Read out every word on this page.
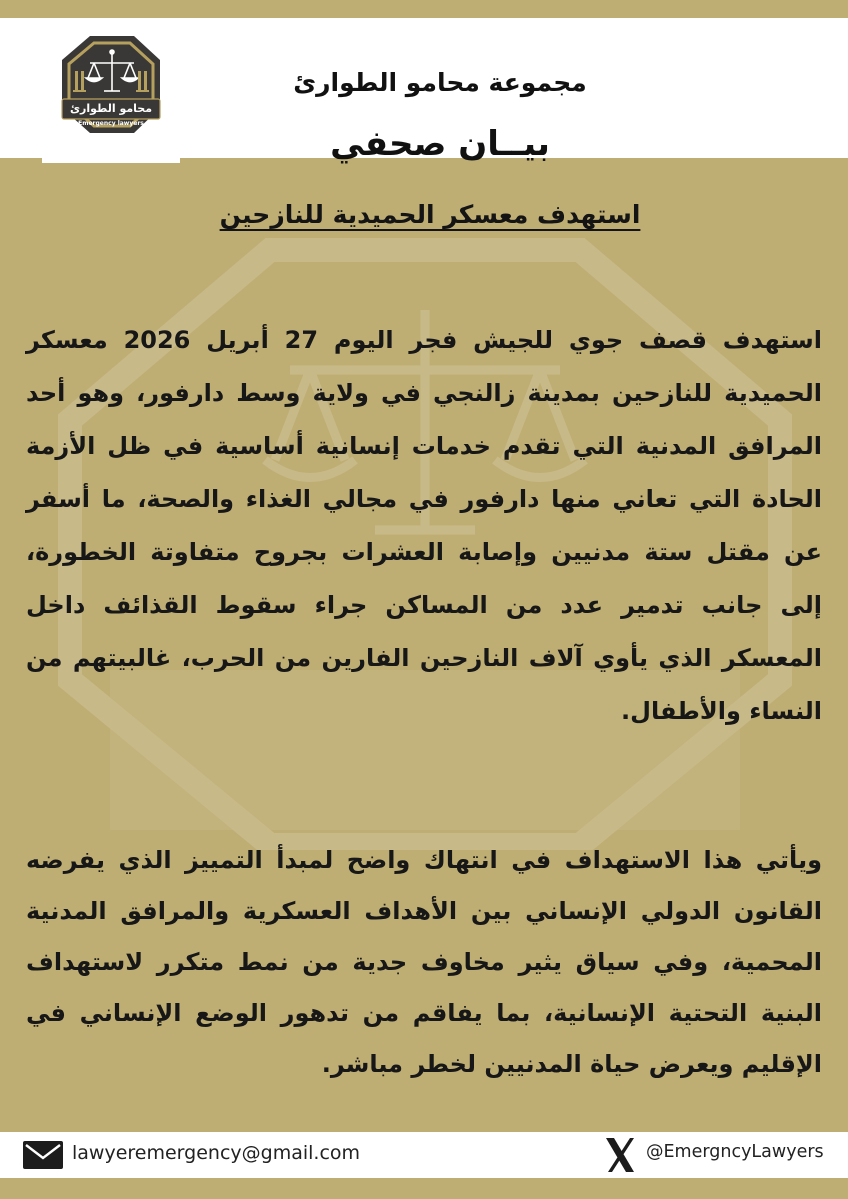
محامو الطوارئ
Emergency lawyers
مجموعة محامو الطوارئ
بيــان صحفي
استهدف معسكر الحميدية للنازحين

استهدف قصف جوي للجيش فجر اليوم 27 أبريل 2026 معسكر الحميدية للنازحين بمدينة زالنجي في ولاية وسط دارفور، وهو أحد المرافق المدنية التي تقدم خدمات إنسانية أساسية في ظل الأزمة الحادة التي تعاني منها دارفور في مجالي الغذاء والصحة، ما أسفر عن مقتل ستة مدنيين وإصابة العشرات بجروح متفاوتة الخطورة، إلى جانب تدمير عدد من المساكن جراء سقوط القذائف داخل المعسكر الذي يأوي آلاف النازحين الفارين من الحرب، غالبيتهم من النساء والأطفال.

ويأتي هذا الاستهداف في انتهاك واضح لمبدأ التمييز الذي يفرضه القانون الدولي الإنساني بين الأهداف العسكرية والمرافق المدنية المحمية، وفي سياق يثير مخاوف جدية من نمط متكرر لاستهداف البنية التحتية الإنسانية، بما يفاقم من تدهور الوضع الإنساني في الإقليم ويعرض حياة المدنيين لخطر مباشر.

lawyeremergency@gmail.com	@EmergncyLawyers
